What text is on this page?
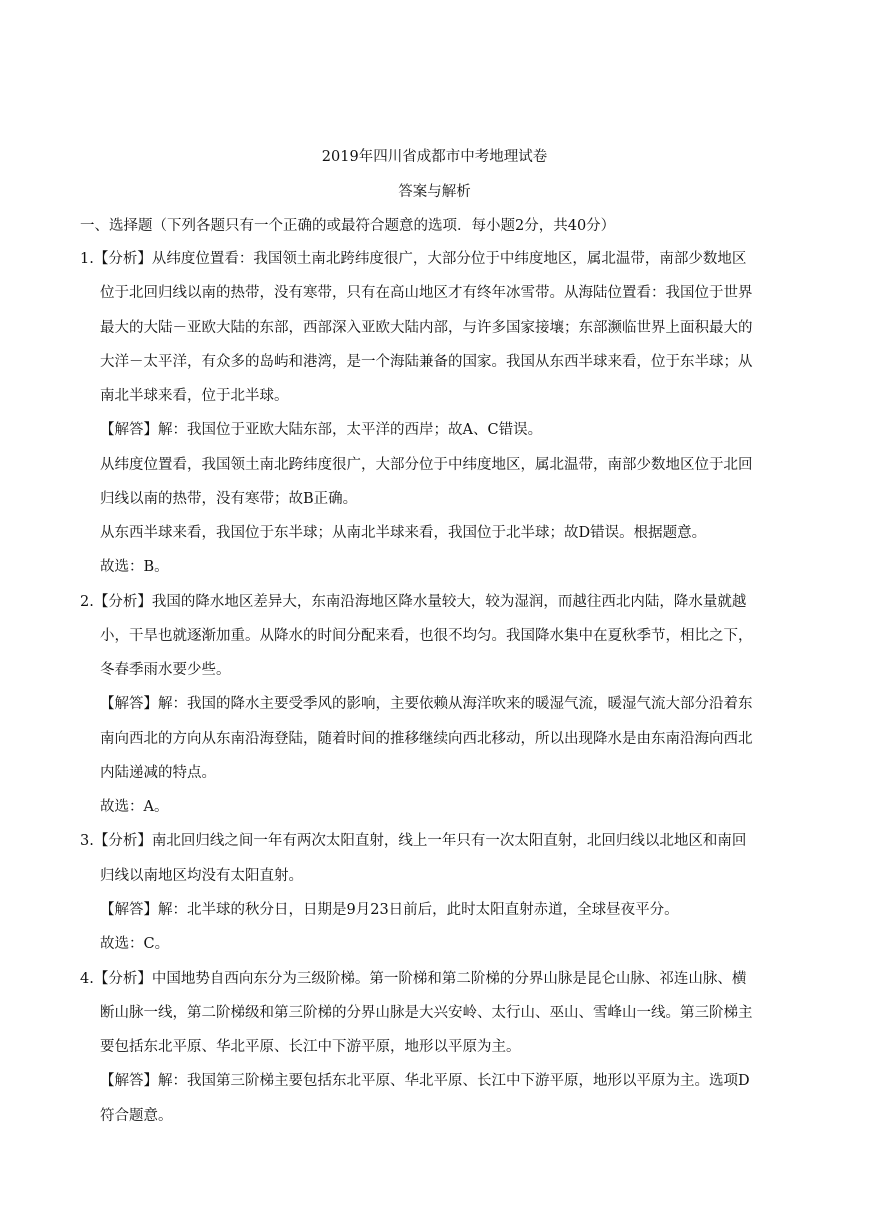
2019年四川省成都市中考地理试卷
答案与解析
一、选择题（下列各题只有一个正确的或最符合题意的选项．每小题2分，共40分）
1.【分析】从纬度位置看：我国领土南北跨纬度很广，大部分位于中纬度地区，属北温带，南部少数地区
位于北回归线以南的热带，没有寒带，只有在高山地区才有终年冰雪带。从海陆位置看：我国位于世界
最大的大陆－亚欧大陆的东部，西部深入亚欧大陆内部，与许多国家接壤；东部濒临世界上面积最大的
大洋－太平洋，有众多的岛屿和港湾，是一个海陆兼备的国家。我国从东西半球来看，位于东半球；从
南北半球来看，位于北半球。
【解答】解：我国位于亚欧大陆东部，太平洋的西岸；故A、C错误。
从纬度位置看，我国领土南北跨纬度很广，大部分位于中纬度地区，属北温带，南部少数地区位于北回
归线以南的热带，没有寒带；故B正确。
从东西半球来看，我国位于东半球；从南北半球来看，我国位于北半球；故D错误。根据题意。
故选：B。
2.【分析】我国的降水地区差异大，东南沿海地区降水量较大，较为湿润，而越往西北内陆，降水量就越
小，干旱也就逐渐加重。从降水的时间分配来看，也很不均匀。我国降水集中在夏秋季节，相比之下，
冬春季雨水要少些。
【解答】解：我国的降水主要受季风的影响，主要依赖从海洋吹来的暖湿气流，暖湿气流大部分沿着东
南向西北的方向从东南沿海登陆，随着时间的推移继续向西北移动，所以出现降水是由东南沿海向西北
内陆递减的特点。
故选：A。
3.【分析】南北回归线之间一年有两次太阳直射，线上一年只有一次太阳直射，北回归线以北地区和南回
归线以南地区均没有太阳直射。
【解答】解：北半球的秋分日，日期是9月23日前后，此时太阳直射赤道，全球昼夜平分。
故选：C。
4.【分析】中国地势自西向东分为三级阶梯。第一阶梯和第二阶梯的分界山脉是昆仑山脉、祁连山脉、横
断山脉一线，第二阶梯级和第三阶梯的分界山脉是大兴安岭、太行山、巫山、雪峰山一线。第三阶梯主
要包括东北平原、华北平原、长江中下游平原，地形以平原为主。
【解答】解：我国第三阶梯主要包括东北平原、华北平原、长江中下游平原，地形以平原为主。选项D
符合题意。
